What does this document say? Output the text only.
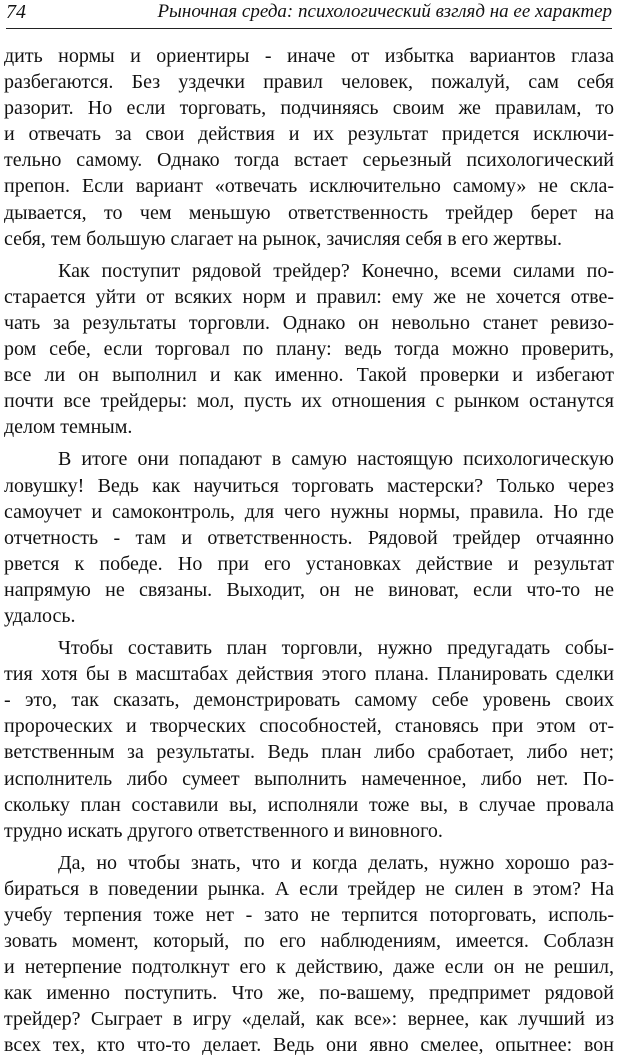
74	Рыночная среда: психологический взгляд на ее характер
дить нормы и ориентиры - иначе от избытка вариантов глаза
разбегаются. Без уздечки правил человек, пожалуй, сам себя
разорит. Но если торговать, подчиняясь своим же правилам, то
и отвечать за свои действия и их результат придется исключи-
тельно самому. Однако тогда встает серьезный психологический
препон. Если вариант «отвечать исключительно самому» не скла-
дывается, то чем меньшую ответственность трейдер берет на
себя, тем большую слагает на рынок, зачисляя себя в его жертвы.
Как поступит рядовой трейдер? Конечно, всеми силами по-
старается уйти от всяких норм и правил: ему же не хочется отве-
чать за результаты торговли. Однако он невольно станет ревизо-
ром себе, если торговал по плану: ведь тогда можно проверить,
все ли он выполнил и как именно. Такой проверки и избегают
почти все трейдеры: мол, пусть их отношения с рынком останутся
делом темным.
В итоге они попадают в самую настоящую психологическую
ловушку! Ведь как научиться торговать мастерски? Только через
самоучет и самоконтроль, для чего нужны нормы, правила. Но где
отчетность - там и ответственность. Рядовой трейдер отчаянно
рвется к победе. Но при его установках действие и результат
напрямую не связаны. Выходит, он не виноват, если что-то не
удалось.
Чтобы составить план торговли, нужно предугадать собы-
тия хотя бы в масштабах действия этого плана. Планировать сделки
- это, так сказать, демонстрировать самому себе уровень своих
пророческих и творческих способностей, становясь при этом от-
ветственным за результаты. Ведь план либо сработает, либо нет;
исполнитель либо сумеет выполнить намеченное, либо нет. По-
скольку план составили вы, исполняли тоже вы, в случае провала
трудно искать другого ответственного и виновного.
Да, но чтобы знать, что и когда делать, нужно хорошо раз-
бираться в поведении рынка. А если трейдер не силен в этом? На
учебу терпения тоже нет - зато не терпится поторговать, исполь-
зовать момент, который, по его наблюдениям, имеется. Соблазн
и нетерпение подтолкнут его к действию, даже если он не решил,
как именно поступить. Что же, по-вашему, предпримет рядовой
трейдер? Сыграет в игру «делай, как все»: вернее, как лучший из
всех тех, кто что-то делает. Ведь они явно смелее, опытнее: вон
